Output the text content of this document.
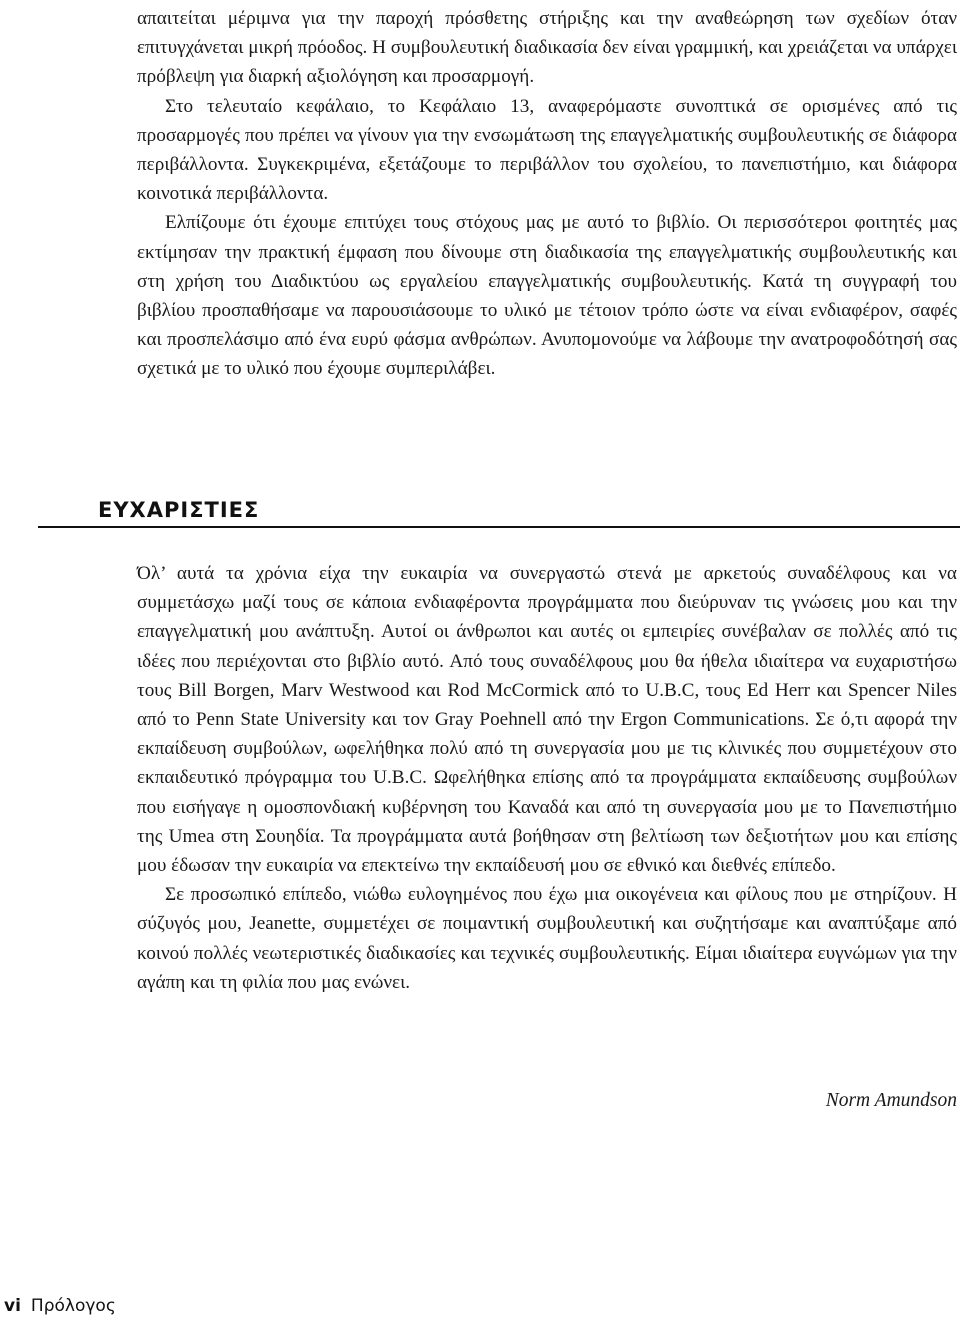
απαιτείται μέριμνα για την παροχή πρόσθετης στήριξης και την αναθεώρηση των σχεδίων όταν επιτυγχάνεται μικρή πρόοδος. Η συμβουλευτική διαδικασία δεν είναι γραμμική, και χρειάζεται να υπάρχει πρόβλεψη για διαρκή αξιολόγηση και προσαρμογή.

Στο τελευταίο κεφάλαιο, το Κεφάλαιο 13, αναφερόμαστε συνοπτικά σε ορισμένες από τις προσαρμογές που πρέπει να γίνουν για την ενσωμάτωση της επαγγελματικής συμβουλευτικής σε διάφορα περιβάλλοντα. Συγκεκριμένα, εξετάζουμε το περιβάλλον του σχολείου, το πανεπιστήμιο, και διάφορα κοινοτικά περιβάλλοντα.

Ελπίζουμε ότι έχουμε επιτύχει τους στόχους μας με αυτό το βιβλίο. Οι περισσότεροι φοιτητές μας εκτίμησαν την πρακτική έμφαση που δίνουμε στη διαδικασία της επαγγελματικής συμβουλευτικής και στη χρήση του Διαδικτύου ως εργαλείου επαγγελματικής συμβουλευτικής. Κατά τη συγγραφή του βιβλίου προσπαθήσαμε να παρουσιάσουμε το υλικό με τέτοιον τρόπο ώστε να είναι ενδιαφέρον, σαφές και προσπελάσιμο από ένα ευρύ φάσμα ανθρώπων. Ανυπομονούμε να λάβουμε την ανατροφοδότησή σας σχετικά με το υλικό που έχουμε συμπεριλάβει.

ΕΥΧΑΡΙΣΤΙΕΣ

Όλ’ αυτά τα χρόνια είχα την ευκαιρία να συνεργαστώ στενά με αρκετούς συναδέλφους και να συμμετάσχω μαζί τους σε κάποια ενδιαφέροντα προγράμματα που διεύρυναν τις γνώσεις μου και την επαγγελματική μου ανάπτυξη. Αυτοί οι άνθρωποι και αυτές οι εμπειρίες συνέβαλαν σε πολλές από τις ιδέες που περιέχονται στο βιβλίο αυτό. Από τους συναδέλφους μου θα ήθελα ιδιαίτερα να ευχαριστήσω τους Bill Borgen, Marv Westwood και Rod McCormick από το U.B.C, τους Ed Herr και Spencer Niles από το Penn State University και τον Gray Poehnell από την Ergon Communications. Σε ό,τι αφορά την εκπαίδευση συμβούλων, ωφελήθηκα πολύ από τη συνεργασία μου με τις κλινικές που συμμετέχουν στο εκπαιδευτικό πρόγραμμα του U.B.C. Ωφελήθηκα επίσης από τα προγράμματα εκπαίδευσης συμβούλων που εισήγαγε η ομοσπονδιακή κυβέρνηση του Καναδά και από τη συνεργασία μου με το Πανεπιστήμιο της Umea στη Σουηδία. Τα προγράμματα αυτά βοήθησαν στη βελτίωση των δεξιοτήτων μου και επίσης μου έδωσαν την ευκαιρία να επεκτείνω την εκπαίδευσή μου σε εθνικό και διεθνές επίπεδο.

Σε προσωπικό επίπεδο, νιώθω ευλογημένος που έχω μια οικογένεια και φίλους που με στηρίζουν. Η σύζυγός μου, Jeanette, συμμετέχει σε ποιμαντική συμβουλευτική και συζητήσαμε και αναπτύξαμε από κοινού πολλές νεωτεριστικές διαδικασίες και τεχνικές συμβουλευτικής. Είμαι ιδιαίτερα ευγνώμων για την αγάπη και τη φιλία που μας ενώνει.

Norm Amundson
vi Πρόλογος
